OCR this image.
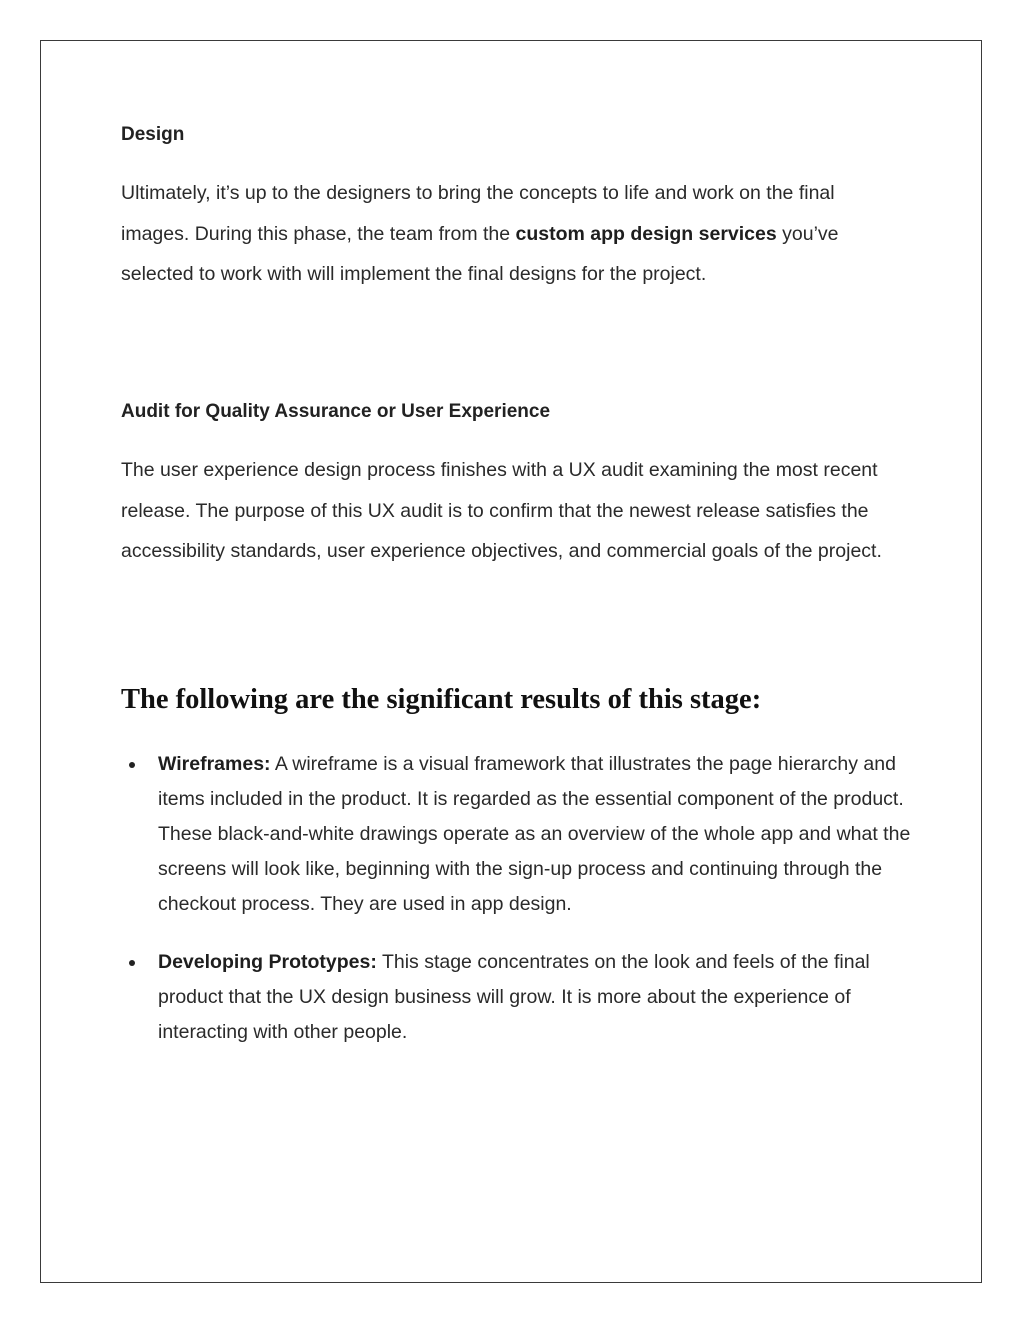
Design
Ultimately, it’s up to the designers to bring the concepts to life and work on the final images. During this phase, the team from the custom app design services you’ve selected to work with will implement the final designs for the project.
Audit for Quality Assurance or User Experience
The user experience design process finishes with a UX audit examining the most recent release. The purpose of this UX audit is to confirm that the newest release satisfies the accessibility standards, user experience objectives, and commercial goals of the project.
The following are the significant results of this stage:
Wireframes: A wireframe is a visual framework that illustrates the page hierarchy and items included in the product. It is regarded as the essential component of the product. These black-and-white drawings operate as an overview of the whole app and what the screens will look like, beginning with the sign-up process and continuing through the checkout process. They are used in app design.
Developing Prototypes: This stage concentrates on the look and feels of the final product that the UX design business will grow. It is more about the experience of interacting with other people.
